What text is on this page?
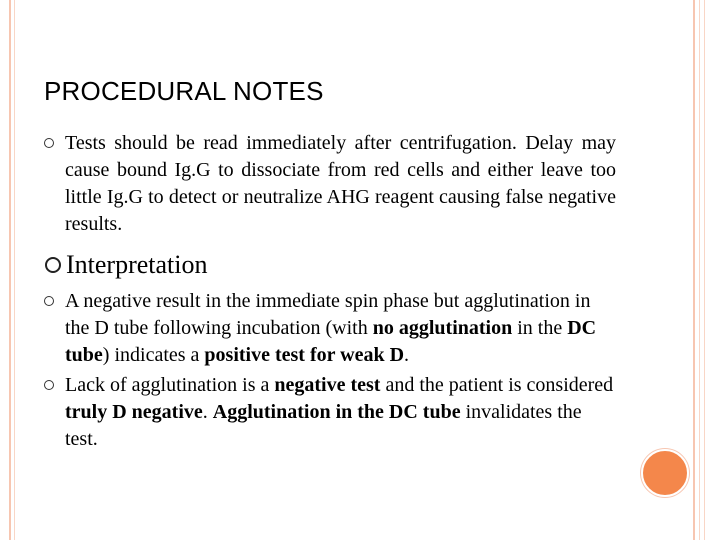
PROCEDURAL NOTES
Tests should be read immediately after centrifugation. Delay may cause bound Ig.G to dissociate from red cells and either leave too little Ig.G to detect or neutralize AHG reagent causing false negative results.
Interpretation
A negative result in the immediate spin phase but agglutination in the D tube following incubation (with no agglutination in the DC tube) indicates a positive test for weak D.
Lack of agglutination is a negative test and the patient is considered truly D negative. Agglutination in the DC tube invalidates the test.
